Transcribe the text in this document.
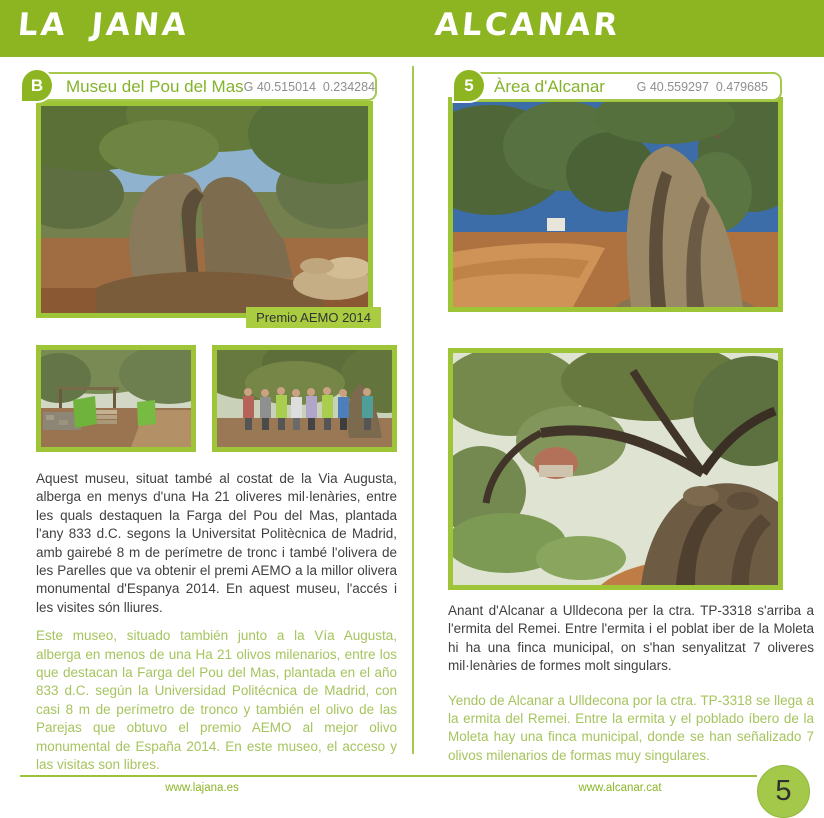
LA JANA	ALCANAR
Museu del Pou del Mas G 40.515014  0.234284
B
Premio AEMO 2014

Aquest museu, situat també al costat de la Via Augusta, alberga en menys d'una Ha 21 oliveres mil·lenàries, entre les quals destaquen la Farga del Pou del Mas, plantada l'any 833 d.C. segons la Universitat Politècnica de Madrid, amb gairebé 8 m de perímetre de tronc i també l'olivera de les Parelles que va obtenir el premi AEMO a la millor olivera monumental d'Espanya 2014. En aquest museu, l'accés i les visites són lliures.

Este museo, situado también junto a la Vía Augusta, alberga en menos de una Ha 21 olivos milenarios, entre los que destacan la Farga del Pou del Mas, plantada en el año 833 d.C. según la Universidad Politécnica de Madrid, con casi 8 m de perímetro de tronco y también el olivo de las Parejas que obtuvo el premio AEMO al mejor olivo monumental de España 2014. En este museo, el acceso y las visitas son libres.

Àrea d'Alcanar	G 40.559297  0.479685
5

Anant d'Alcanar a Ulldecona per la ctra. TP-3318 s'arriba a l'ermita del Remei. Entre l'ermita i el poblat iber de la Moleta hi ha una finca municipal, on s'han senyalitzat 7 oliveres mil·lenàries de formes molt singulars.

Yendo de Alcanar a Ulldecona por la ctra. TP-3318 se llega a la ermita del Remei. Entre la ermita y el poblado íbero de la Moleta hay una finca municipal, donde se han señalizado 7 olivos milenarios de formas muy singulares.

www.lajana.es	www.alcanar.cat	5
